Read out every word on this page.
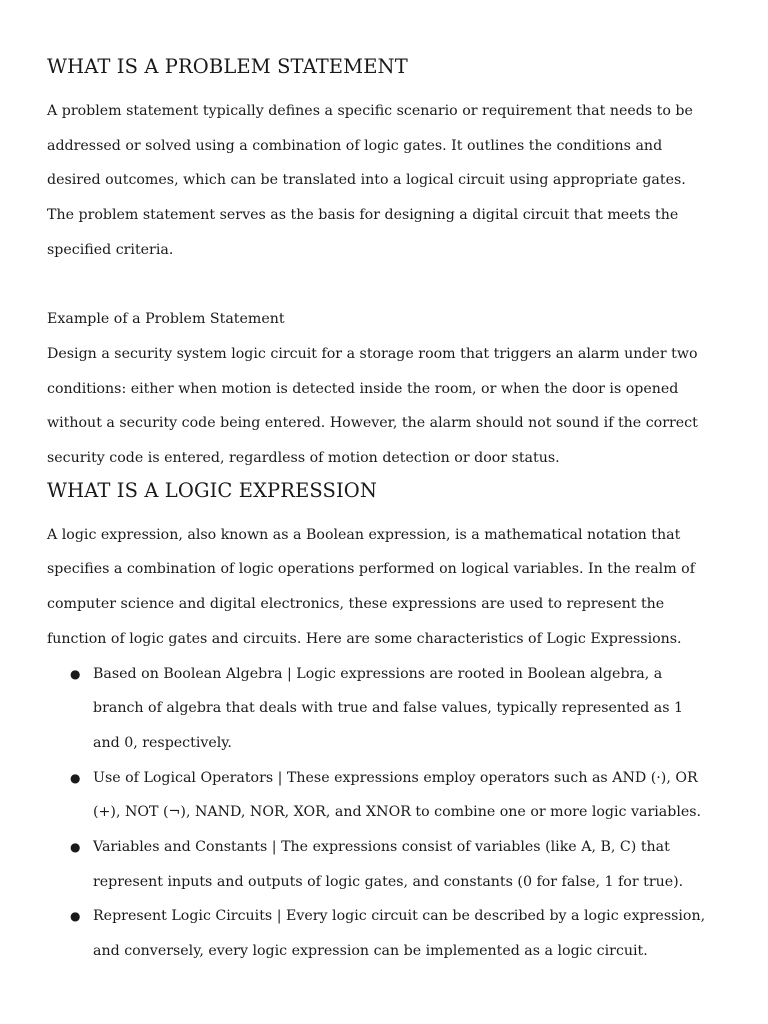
WHAT IS A PROBLEM STATEMENT

A problem statement typically defines a specific scenario or requirement that needs to be addressed or solved using a combination of logic gates. It outlines the conditions and desired outcomes, which can be translated into a logical circuit using appropriate gates. The problem statement serves as the basis for designing a digital circuit that meets the specified criteria.

Example of a Problem Statement

Design a security system logic circuit for a storage room that triggers an alarm under two conditions: either when motion is detected inside the room, or when the door is opened without a security code being entered. However, the alarm should not sound if the correct security code is entered, regardless of motion detection or door status.

WHAT IS A LOGIC EXPRESSION

A logic expression, also known as a Boolean expression, is a mathematical notation that specifies a combination of logic operations performed on logical variables. In the realm of computer science and digital electronics, these expressions are used to represent the function of logic gates and circuits. Here are some characteristics of Logic Expressions.

● Based on Boolean Algebra | Logic expressions are rooted in Boolean algebra, a branch of algebra that deals with true and false values, typically represented as 1 and 0, respectively.
● Use of Logical Operators | These expressions employ operators such as AND (·), OR (+), NOT (¬), NAND, NOR, XOR, and XNOR to combine one or more logic variables.
● Variables and Constants | The expressions consist of variables (like A, B, C) that represent inputs and outputs of logic gates, and constants (0 for false, 1 for true).
● Represent Logic Circuits | Every logic circuit can be described by a logic expression, and conversely, every logic expression can be implemented as a logic circuit.
